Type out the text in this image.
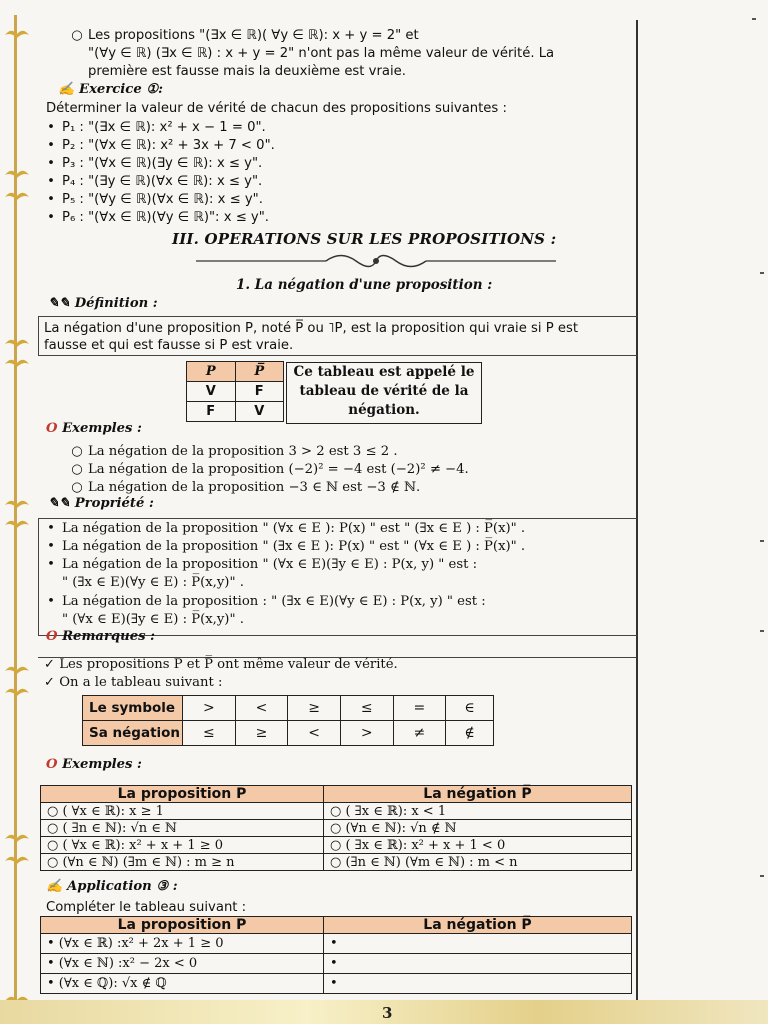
○ Les propositions "(∃x ∈ ℝ)( ∀y ∈ ℝ): x + y = 2" et
"(∀y ∈ ℝ) (∃x ∈ ℝ) : x + y = 2" n'ont pas la même valeur de vérité. La
première est fausse mais la deuxième est vraie.
✍ Exercice ①:
Déterminer la valeur de vérité de chacun des propositions suivantes :
• P₁ : "(∃x ∈ ℝ): x² + x − 1 = 0".
• P₂ : "(∀x ∈ ℝ): x² + 3x + 7 < 0".
• P₃ : "(∀x ∈ ℝ)(∃y ∈ ℝ): x ≤ y".
• P₄ : "(∃y ∈ ℝ)(∀x ∈ ℝ): x ≤ y".
• P₅ : "(∀y ∈ ℝ)(∀x ∈ ℝ): x ≤ y".
• P₆ : "(∀x ∈ ℝ)(∀y ∈ ℝ)": x ≤ y".
III. OPERATIONS SUR LES PROPOSITIONS :
1. La négation d'une proposition :
✎✎ Définition :
La négation d'une proposition P, noté P̅ ou ˥P, est la proposition qui vraie si P est
fausse et qui est fausse si P est vraie.
P	P̅
V	F
F	V
Ce tableau est appelé le tableau de vérité de la négation.
O Exemples :
○ La négation de la proposition 3 > 2 est 3 ≤ 2 .
○ La négation de la proposition (−2)² = −4 est (−2)² ≠ −4.
○ La négation de la proposition −3 ∈ ℕ est −3 ∉ ℕ.
✎✎ Propriété :
• La négation de la proposition " (∀x ∈ E ): P(x) " est " (∃x ∈ E ) : P̅(x)" .
• La négation de la proposition " (∃x ∈ E ): P(x) " est " (∀x ∈ E ) : P̅(x)" .
• La négation de la proposition " (∀x ∈ E)(∃y ∈ E) : P(x, y) " est :
" (∃x ∈ E)(∀y ∈ E) : P̅(x,y)" .
• La négation de la proposition : " (∃x ∈ E)(∀y ∈ E) : P(x, y) " est :
" (∀x ∈ E)(∃y ∈ E) : P̅(x,y)" .
O Remarques :
✓ Les propositions P et P̿ ont même valeur de vérité.
✓ On a le tableau suivant :
Le symbole	>	<	≥	≤	=	∈
Sa négation	≤	≥	<	>	≠	∉
O Exemples :
La proposition P	La négation P̅
○ ( ∀x ∈ ℝ): x ≥ 1	○ ( ∃x ∈ ℝ): x < 1
○ ( ∃n ∈ ℕ): √n ∈ ℕ	○ (∀n ∈ ℕ): √n ∉ ℕ
○ ( ∀x ∈ ℝ): x² + x + 1 ≥ 0	○ ( ∃x ∈ ℝ): x² + x + 1 < 0
○ (∀n ∈ ℕ) (∃m ∈ ℕ) : m ≥ n	○ (∃n ∈ ℕ) (∀m ∈ ℕ) : m < n
✍ Application ③ :
Compléter le tableau suivant :
La proposition P	La négation P̅
• (∀x ∈ ℝ) :x² + 2x + 1 ≥ 0	•
• (∀x ∈ ℕ) :x² − 2x < 0	•
• (∀x ∈ ℚ): √x ∉ ℚ	•
3
